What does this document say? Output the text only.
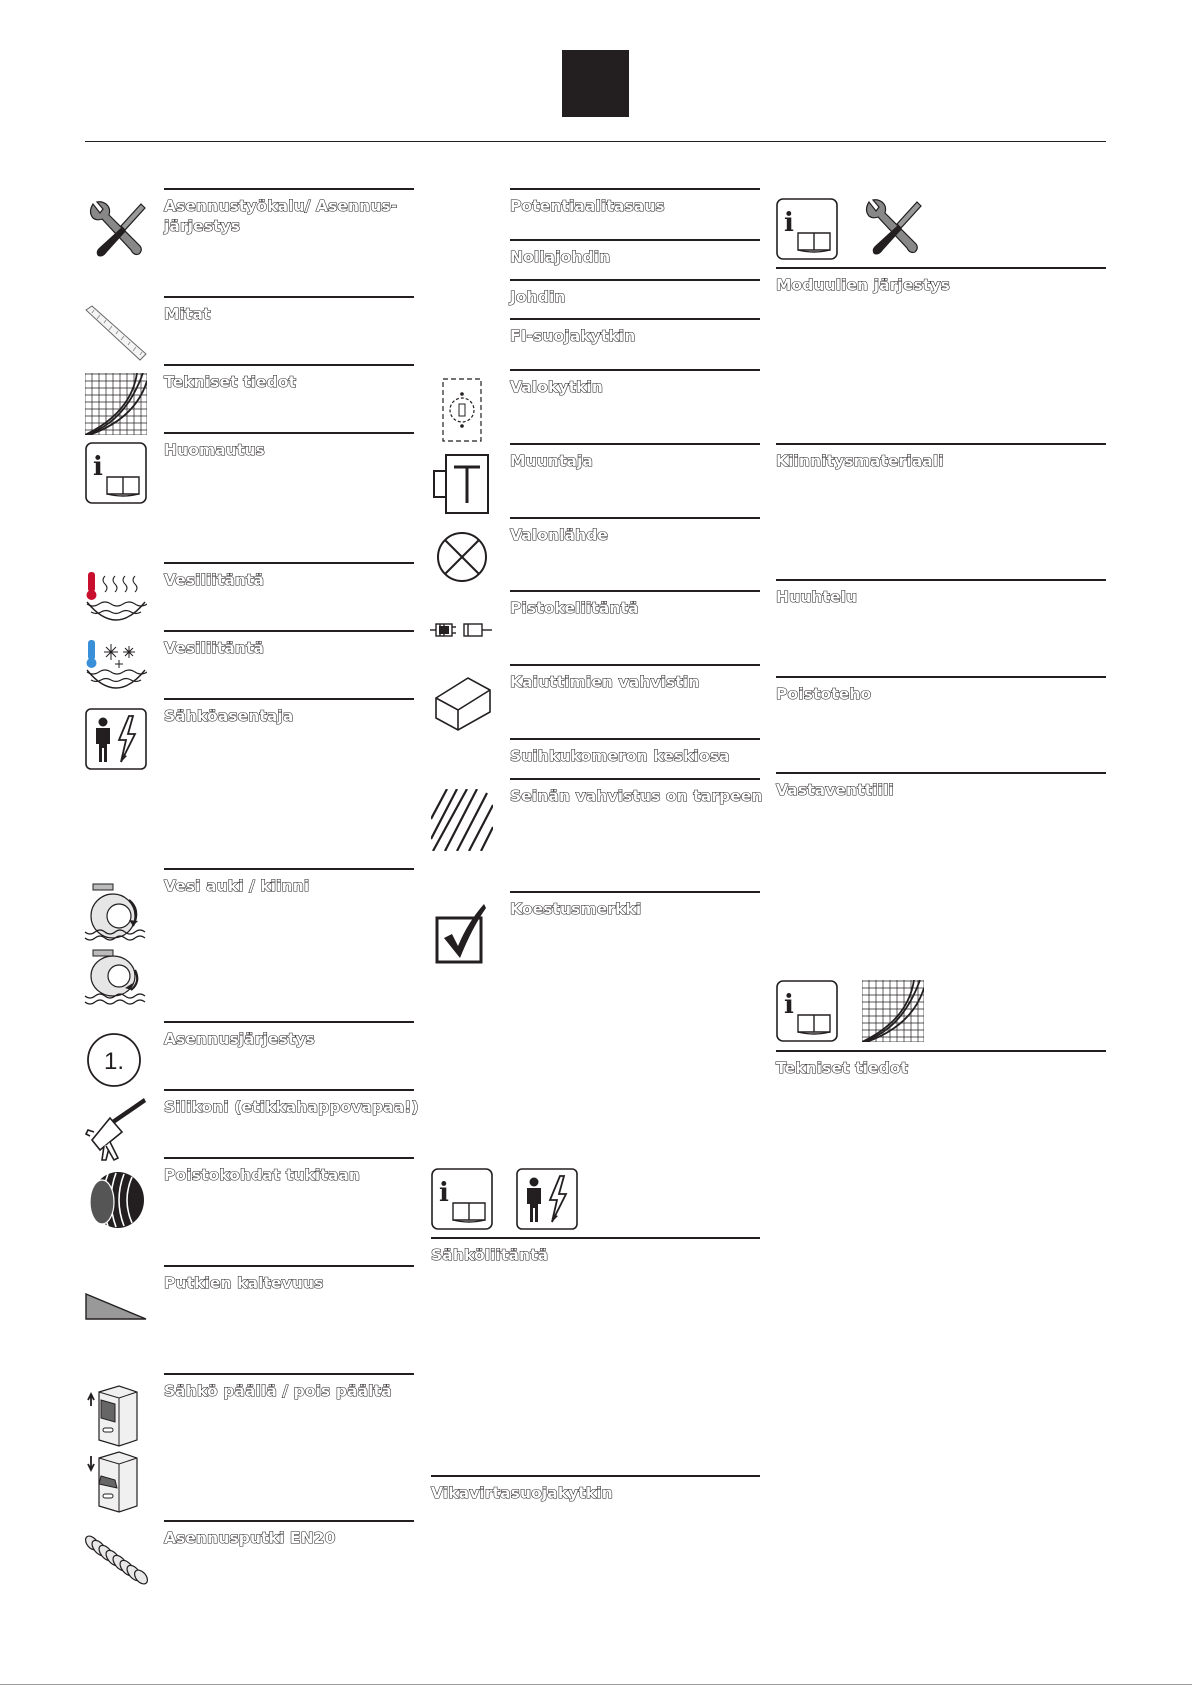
Asennustyökalu/ Asennus-
järjestys
Mitat
Tekniset tiedot
Huomautus
Vesiliitäntä
Vesiliitäntä
Sähköasentaja
Vesi auki / kiinni
Asennusjärjestys
Silikoni (etikkahappovapaa!)
Poistokohdat tukitaan
Putkien kaltevuus
Sähkö päällä / pois päältä
Asennusputki EN20
i
1.
Potentiaalitasaus
Nollajohdin
Johdin
FI-suojakytkin
Valokytkin
Muuntaja
Valonlähde
Pistokeliitäntä
Kaiuttimien vahvistin
Suihkukomeron keskiosa
Seinän vahvistus on tarpeen
Koestusmerkki
Sähköliitäntä
Vikavirtasuojakytkin
i
Moduulien järjestys
Kiinnitysmateriaali
Huuhtelu
Poistoteho
Vastaventtiili
Tekniset tiedot
i
i
